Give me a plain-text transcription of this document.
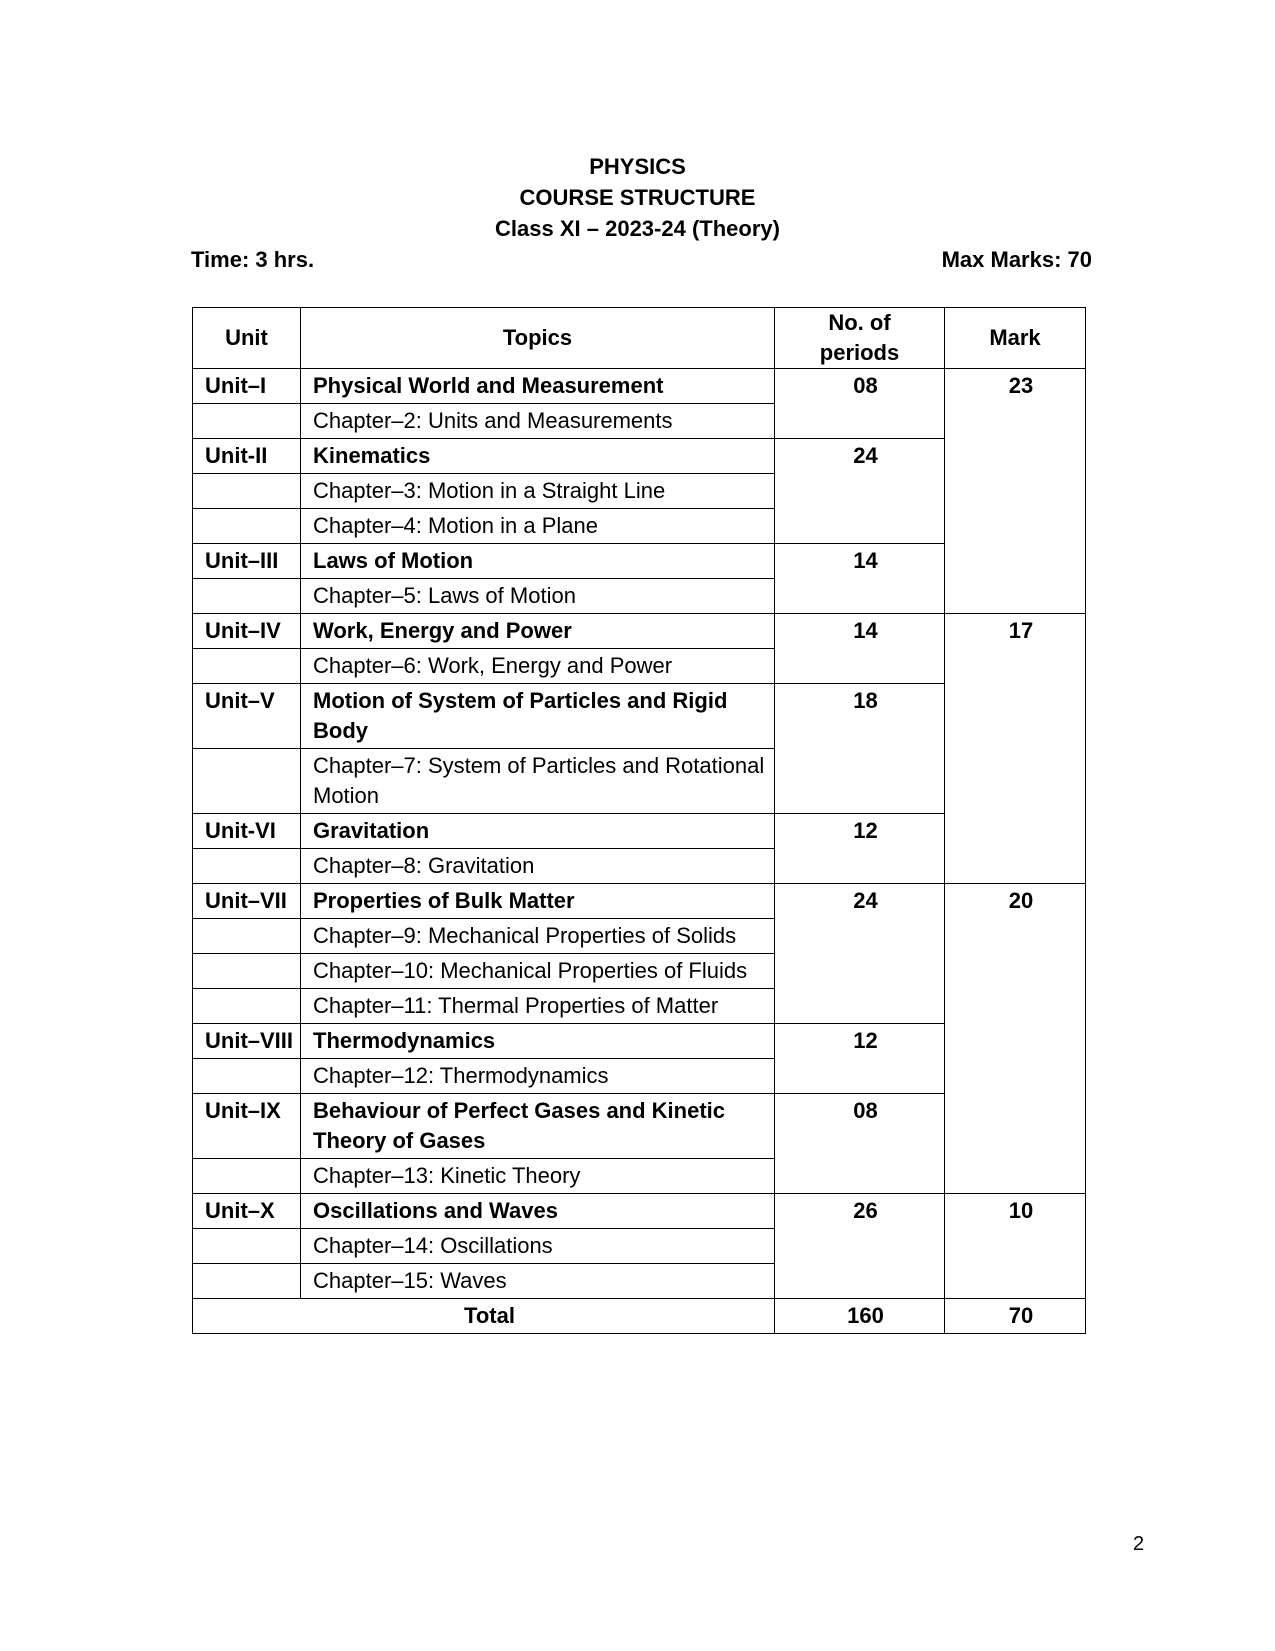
PHYSICS
COURSE STRUCTURE
Class XI – 2023-24 (Theory)
Time: 3 hrs.	Max Marks: 70
Unit	Topics	No. of periods	Mark
Unit–I	Physical World and Measurement	08	23
	Chapter–2: Units and Measurements		
Unit-II	Kinematics	24	
	Chapter–3: Motion in a Straight Line		
	Chapter–4: Motion in a Plane		
Unit–III	Laws of Motion	14	
	Chapter–5: Laws of Motion		
Unit–IV	Work, Energy and Power	14	17
	Chapter–6: Work, Energy and Power		
Unit–V	Motion of System of Particles and Rigid Body	18	
	Chapter–7: System of Particles and Rotational Motion		
Unit-VI	Gravitation	12	
	Chapter–8: Gravitation		
Unit–VII	Properties of Bulk Matter	24	20
	Chapter–9: Mechanical Properties of Solids		
	Chapter–10: Mechanical Properties of Fluids		
	Chapter–11: Thermal Properties of Matter		
Unit–VIII	Thermodynamics	12	
	Chapter–12: Thermodynamics		
Unit–IX	Behaviour of Perfect Gases and Kinetic Theory of Gases	08	
	Chapter–13: Kinetic Theory		
Unit–X	Oscillations and Waves	26	10
	Chapter–14: Oscillations		
	Chapter–15: Waves		
Total		160	70
2
